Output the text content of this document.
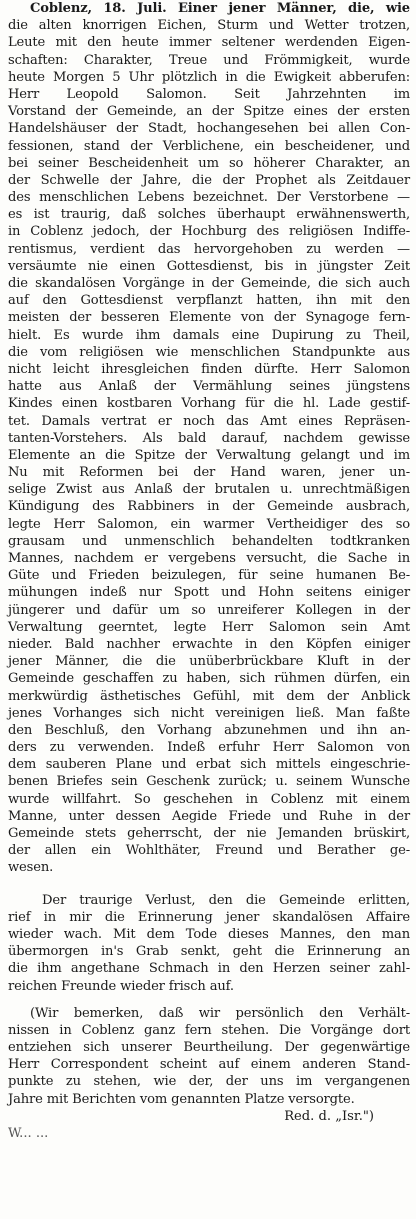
Coblenz, 18. Juli. Einer jener Männer, die, wie
die alten knorrigen Eichen, Sturm und Wetter trotzen,
Leute mit den heute immer seltener werdenden Eigen-
schaften: Charakter, Treue und Frömmigkeit, wurde
heute Morgen 5 Uhr plötzlich in die Ewigkeit abberufen:
Herr Leopold Salomon. Seit Jahrzehnten im
Vorstand der Gemeinde, an der Spitze eines der ersten
Handelshäuser der Stadt, hochangesehen bei allen Con-
fessionen, stand der Verblichene, ein bescheidener, und
bei seiner Bescheidenheit um so höherer Charakter, an
der Schwelle der Jahre, die der Prophet als Zeitdauer
des menschlichen Lebens bezeichnet. Der Verstorbene —
es ist traurig, daß solches überhaupt erwähnenswerth,
in Coblenz jedoch, der Hochburg des religiösen Indiffe-
rentismus, verdient das hervorgehoben zu werden —
versäumte nie einen Gottesdienst, bis in jüngster Zeit
die skandalösen Vorgänge in der Gemeinde, die sich auch
auf den Gottesdienst verpflanzt hatten, ihn mit den
meisten der besseren Elemente von der Synagoge fern-
hielt. Es wurde ihm damals eine Dupirung zu Theil,
die vom religiösen wie menschlichen Standpunkte aus
nicht leicht ihresgleichen finden dürfte. Herr Salomon
hatte aus Anlaß der Vermählung seines jüngstens
Kindes einen kostbaren Vorhang für die hl. Lade gestif-
tet. Damals vertrat er noch das Amt eines Repräsen-
tanten-Vorstehers. Als bald darauf, nachdem gewisse
Elemente an die Spitze der Verwaltung gelangt und im
Nu mit Reformen bei der Hand waren, jener un-
selige Zwist aus Anlaß der brutalen u. unrechtmäßigen
Kündigung des Rabbiners in der Gemeinde ausbrach,
legte Herr Salomon, ein warmer Vertheidiger des so
grausam und unmenschlich behandelten todtkranken
Mannes, nachdem er vergebens versucht, die Sache in
Güte und Frieden beizulegen, für seine humanen Be-
mühungen indeß nur Spott und Hohn seitens einiger
jüngerer und dafür um so unreiferer Kollegen in der
Verwaltung geerntet, legte Herr Salomon sein Amt
nieder. Bald nachher erwachte in den Köpfen einiger
jener Männer, die die unüberbrückbare Kluft in der
Gemeinde geschaffen zu haben, sich rühmen dürfen, ein
merkwürdig ästhetisches Gefühl, mit dem der Anblick
jenes Vorhanges sich nicht vereinigen ließ. Man faßte
den Beschluß, den Vorhang abzunehmen und ihn an-
ders zu verwenden. Indeß erfuhr Herr Salomon von
dem sauberen Plane und erbat sich mittels eingeschrie-
benen Briefes sein Geschenk zurück; u. seinem Wunsche
wurde willfahrt. So geschehen in Coblenz mit einem
Manne, unter dessen Aegide Friede und Ruhe in der
Gemeinde stets geherrscht, der nie Jemanden brüskirt,
der allen ein Wohlthäter, Freund und Berather ge-
wesen.
Der traurige Verlust, den die Gemeinde erlitten,
rief in mir die Erinnerung jener skandalösen Affaire
wieder wach. Mit dem Tode dieses Mannes, den man
übermorgen in's Grab senkt, geht die Erinnerung an
die ihm angethane Schmach in den Herzen seiner zahl-
reichen Freunde wieder frisch auf.
(Wir bemerken, daß wir persönlich den Verhält-
nissen in Coblenz ganz fern stehen. Die Vorgänge dort
entziehen sich unserer Beurtheilung. Der gegenwärtige
Herr Correspondent scheint auf einem anderen Stand-
punkte zu stehen, wie der, der uns im vergangenen
Jahre mit Berichten vom genannten Platze versorgte.
Red. d. „Isr.")
W... ...
